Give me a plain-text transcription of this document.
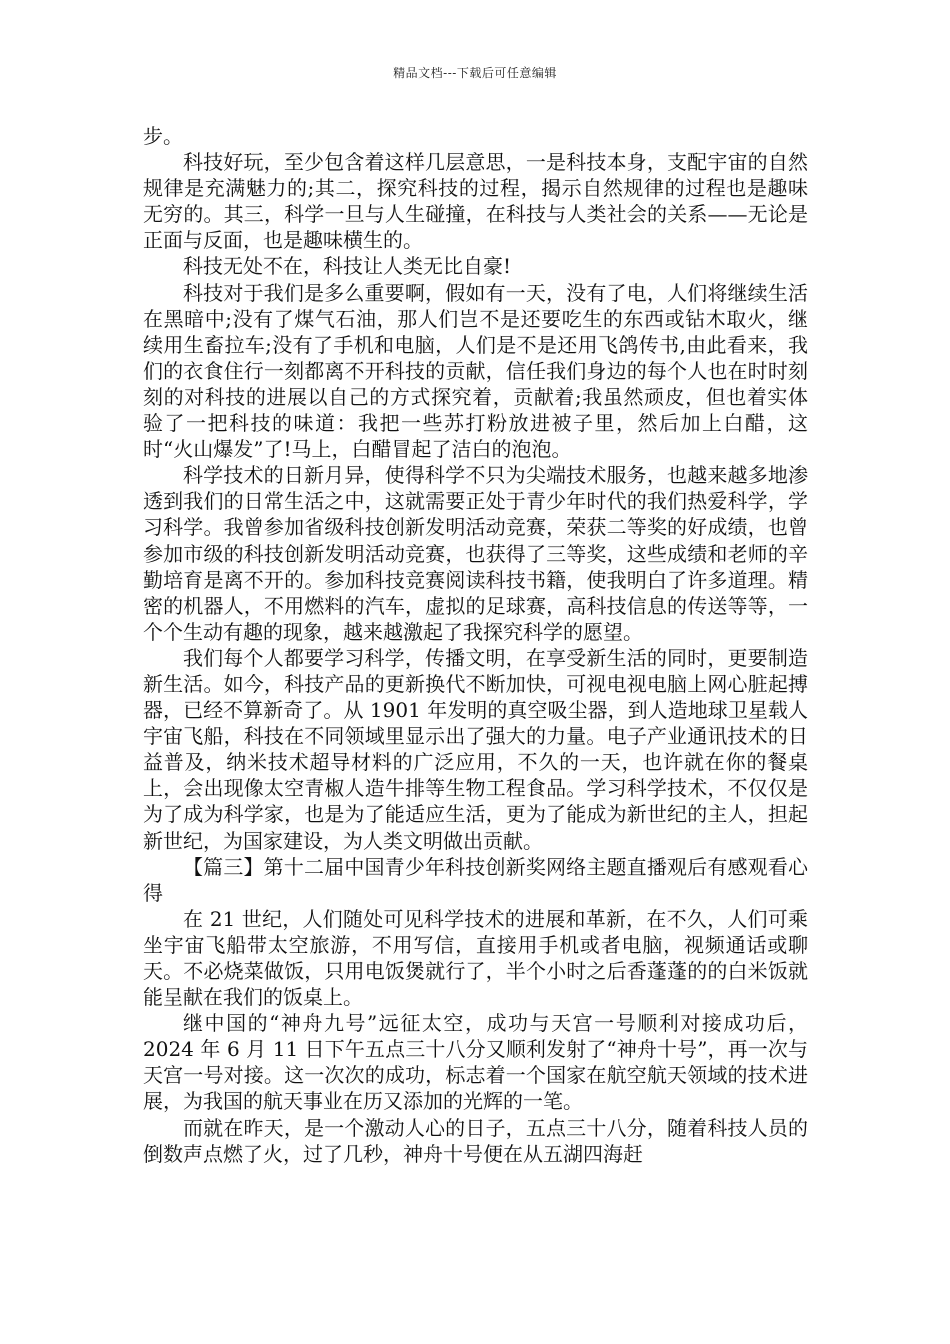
精品文档---下载后可任意编辑

步。

科技好玩，至少包含着这样几层意思，一是科技本身，支配宇宙的自然规律是充满魅力的;其二，探究科技的过程，揭示自然规律的过程也是趣味无穷的。其三，科学一旦与人生碰撞，在科技与人类社会的关系——无论是正面与反面，也是趣味横生的。

科技无处不在，科技让人类无比自豪!

科技对于我们是多么重要啊，假如有一天，没有了电，人们将继续生活在黑暗中;没有了煤气石油，那人们岂不是还要吃生的东西或钻木取火，继续用生畜拉车;没有了手机和电脑，人们是不是还用飞鸽传书,由此看来，我们的衣食住行一刻都离不开科技的贡献，信任我们身边的每个人也在时时刻刻的对科技的进展以自己的方式探究着，贡献着;我虽然顽皮，但也着实体验了一把科技的味道：我把一些苏打粉放进被子里，然后加上白醋，这时“火山爆发”了!马上，白醋冒起了洁白的泡泡。

科学技术的日新月异，使得科学不只为尖端技术服务，也越来越多地渗透到我们的日常生活之中，这就需要正处于青少年时代的我们热爱科学，学习科学。我曾参加省级科技创新发明活动竞赛，荣获二等奖的好成绩，也曾参加市级的科技创新发明活动竞赛，也获得了三等奖，这些成绩和老师的辛勤培育是离不开的。参加科技竞赛阅读科技书籍，使我明白了许多道理。精密的机器人，不用燃料的汽车，虚拟的足球赛，高科技信息的传送等等，一个个生动有趣的现象，越来越激起了我探究科学的愿望。

我们每个人都要学习科学，传播文明，在享受新生活的同时，更要制造新生活。如今，科技产品的更新换代不断加快，可视电视电脑上网心脏起搏器，已经不算新奇了。从 1901 年发明的真空吸尘器，到人造地球卫星载人宇宙飞船，科技在不同领域里显示出了强大的力量。电子产业通讯技术的日益普及，纳米技术超导材料的广泛应用，不久的一天，也许就在你的餐桌上，会出现像太空青椒人造牛排等生物工程食品。学习科学技术，不仅仅是为了成为科学家，也是为了能适应生活，更为了能成为新世纪的主人，担起新世纪，为国家建设，为人类文明做出贡献。

【篇三】第十二届中国青少年科技创新奖网络主题直播观后有感观看心得

在 21 世纪，人们随处可见科学技术的进展和革新，在不久，人们可乘坐宇宙飞船带太空旅游，不用写信，直接用手机或者电脑，视频通话或聊天。不必烧菜做饭，只用电饭煲就行了，半个小时之后香蓬蓬的的白米饭就能呈献在我们的饭桌上。

继中国的“神舟九号”远征太空，成功与天宫一号顺利对接成功后，2024 年 6 月 11 日下午五点三十八分又顺利发射了“神舟十号”，再一次与天宫一号对接。这一次次的成功，标志着一个国家在航空航天领域的技术进展，为我国的航天事业在历又添加的光辉的一笔。

而就在昨天，是一个激动人心的日子，五点三十八分，随着科技人员的倒数声点燃了火，过了几秒，神舟十号便在从五湖四海赶
